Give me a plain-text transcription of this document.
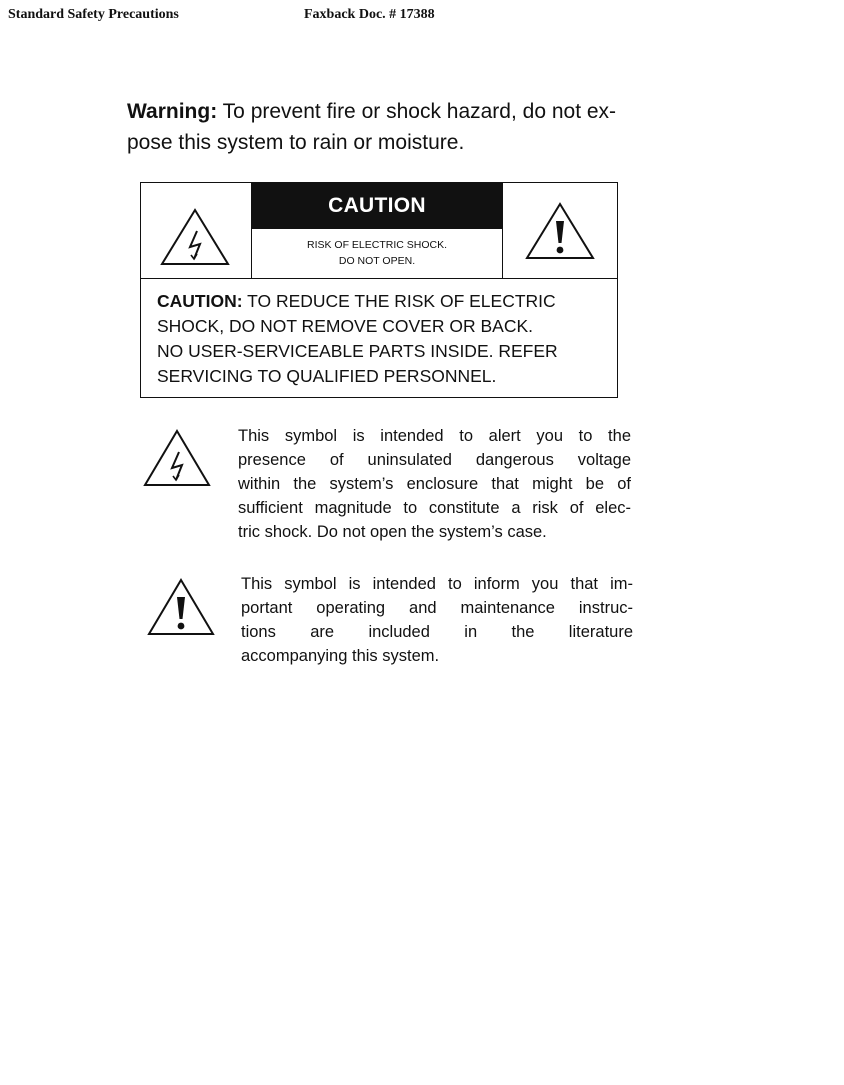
Standard Safety Precautions	Faxback Doc. # 17388
Warning: To prevent fire or shock hazard, do not ex-
pose this system to rain or moisture.
CAUTION
RISK OF ELECTRIC SHOCK.
DO NOT OPEN.
CAUTION: TO REDUCE THE RISK OF ELECTRIC
SHOCK, DO NOT REMOVE COVER OR BACK.
NO USER-SERVICEABLE PARTS INSIDE. REFER
SERVICING TO QUALIFIED PERSONNEL.
This symbol is intended to alert you to the
presence of uninsulated dangerous voltage
within the system’s enclosure that might be of
sufficient magnitude to constitute a risk of elec-
tric shock. Do not open the system’s case.
This symbol is intended to inform you that im-
portant operating and maintenance instruc-
tions are included in the literature
accompanying this system.
